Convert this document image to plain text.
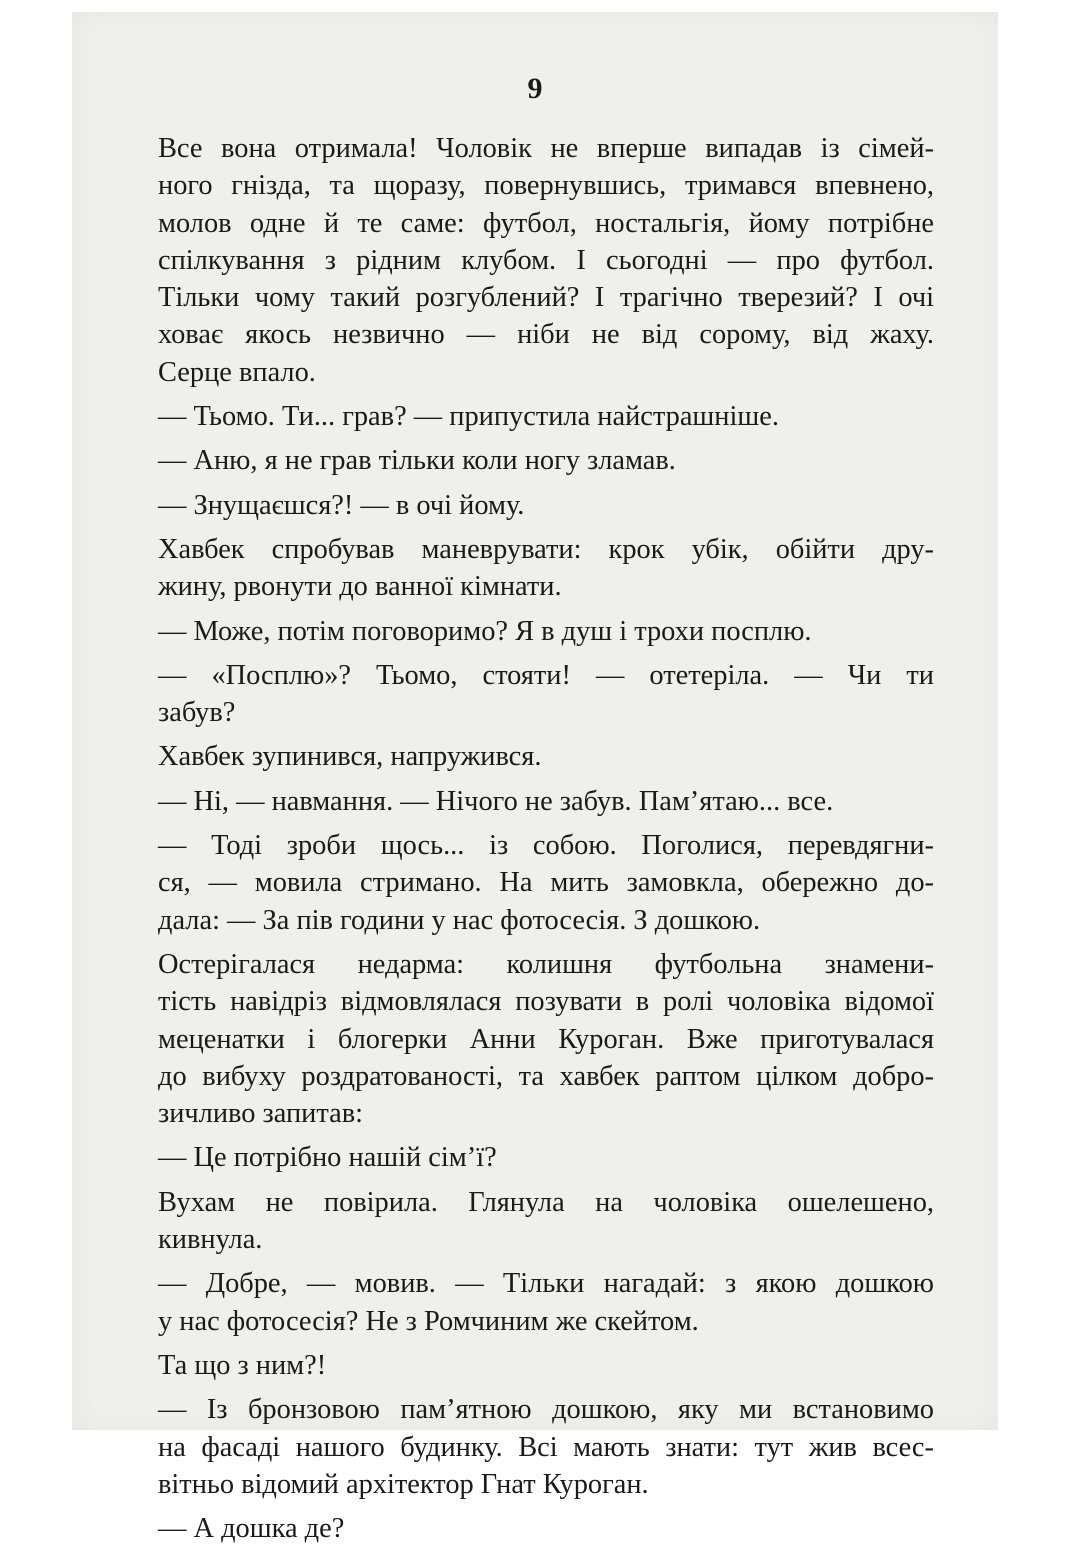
9
Все вона отримала! Чоловік не вперше випадав із сімей-
ного гнізда, та щоразу, повернувшись, тримався впевнено,
молов одне й те саме: футбол, ностальгія, йому потрібне
спілкування з рідним клубом. І сьогодні — про футбол.
Тільки чому такий розгублений? І трагічно тверезий? І очі
ховає якось незвично — ніби не від сорому, від жаху.
Серце впало.
— Тьомо. Ти... грав? — припустила найстрашніше.
— Аню, я не грав тільки коли ногу зламав.
— Знущаєшся?! — в очі йому.
Хавбек спробував маневрувати: крок убік, обійти дру-
жину, рвонути до ванної кімнати.
— Може, потім поговоримо? Я в душ і трохи посплю.
— «Посплю»? Тьомо, стояти! — отетеріла. — Чи ти
забув?
Хавбек зупинився, напружився.
— Ні, — навмання. — Нічого не забув. Пам’ятаю... все.
— Тоді зроби щось... із собою. Поголися, перевдягни-
ся, — мовила стримано. На мить замовкла, обережно до-
дала: — За пів години у нас фотосесія. З дошкою.
Остерігалася недарма: колишня футбольна знамени-
тість навідріз відмовлялася позувати в ролі чоловіка відомої
меценатки і блогерки Анни Куроган. Вже приготувалася
до вибуху роздратованості, та хавбек раптом цілком добро-
зичливо запитав:
— Це потрібно нашій сім’ї?
Вухам не повірила. Глянула на чоловіка ошелешено,
кивнула.
— Добре, — мовив. — Тільки нагадай: з якою дошкою
у нас фотосесія? Не з Ромчиним же скейтом.
Та що з ним?!
— Із бронзовою пам’ятною дошкою, яку ми встановимо
на фасаді нашого будинку. Всі мають знати: тут жив всес-
вітньо відомий архітектор Гнат Куроган.
— А дошка де?
